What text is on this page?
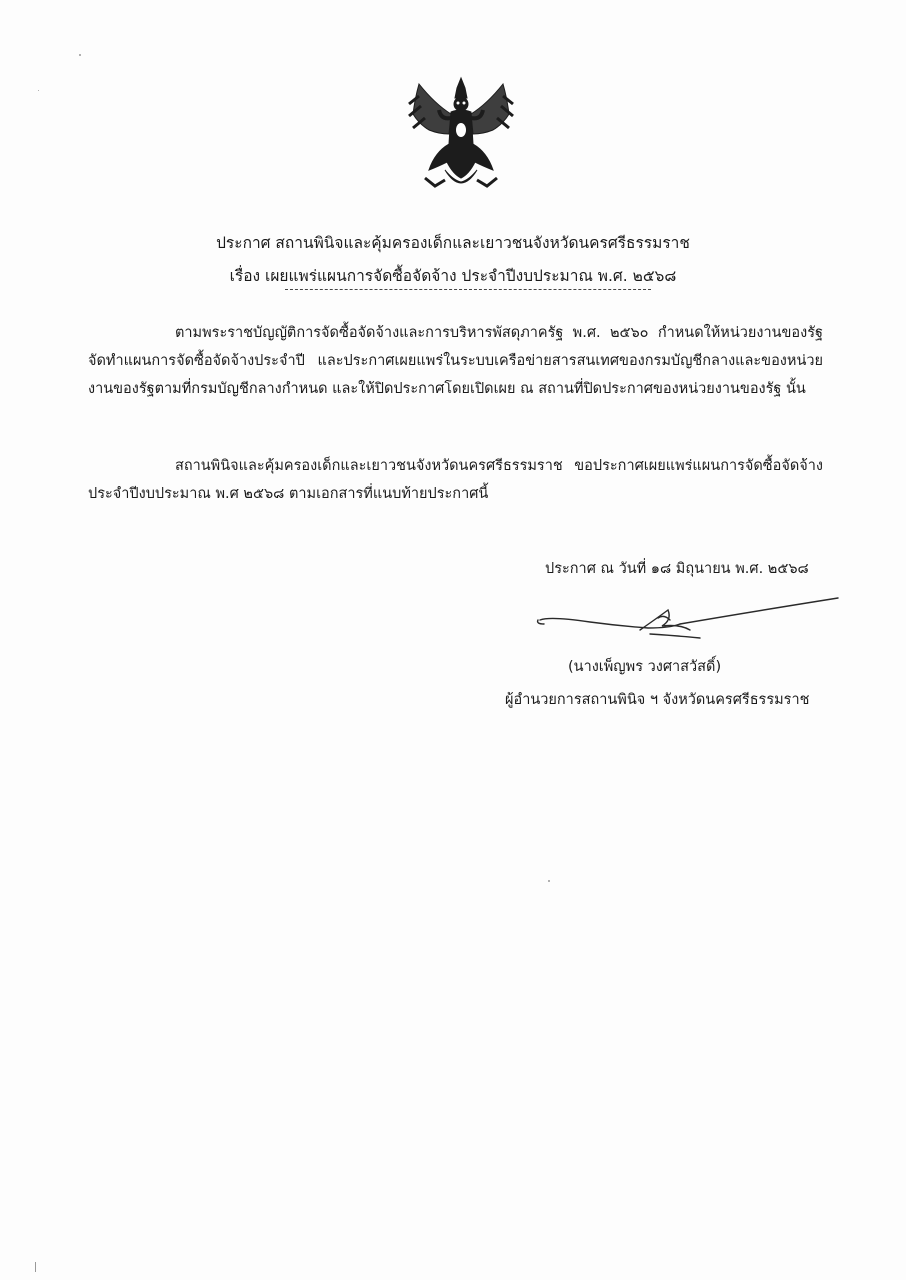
ประกาศ สถานพินิจและคุ้มครองเด็กและเยาวชนจังหวัดนครศรีธรรมราช
เรื่อง เผยแพร่แผนการจัดซื้อจัดจ้าง ประจำปีงบประมาณ พ.ศ. ๒๕๖๘
ตามพระราชบัญญัติการจัดซื้อจัดจ้างและการบริหารพัสดุภาครัฐ พ.ศ. ๒๕๖๐ กำหนดให้หน่วยงานของรัฐจัดทำแผนการจัดซื้อจัดจ้างประจำปี และประกาศเผยแพร่ในระบบเครือข่ายสารสนเทศของกรมบัญชีกลางและของหน่วยงานของรัฐตามที่กรมบัญชีกลางกำหนด และให้ปิดประกาศโดยเปิดเผย ณ สถานที่ปิดประกาศของหน่วยงานของรัฐ นั้น
สถานพินิจและคุ้มครองเด็กและเยาวชนจังหวัดนครศรีธรรมราช ขอประกาศเผยแพร่แผนการจัดซื้อจัดจ้าง ประจำปีงบประมาณ พ.ศ ๒๕๖๘ ตามเอกสารที่แนบท้ายประกาศนี้
ประกาศ ณ วันที่ ๑๘ มิถุนายน พ.ศ. ๒๕๖๘
(นางเพ็ญพร วงศาสวัสดิ์)
ผู้อำนวยการสถานพินิจ ฯ จังหวัดนครศรีธรรมราช
